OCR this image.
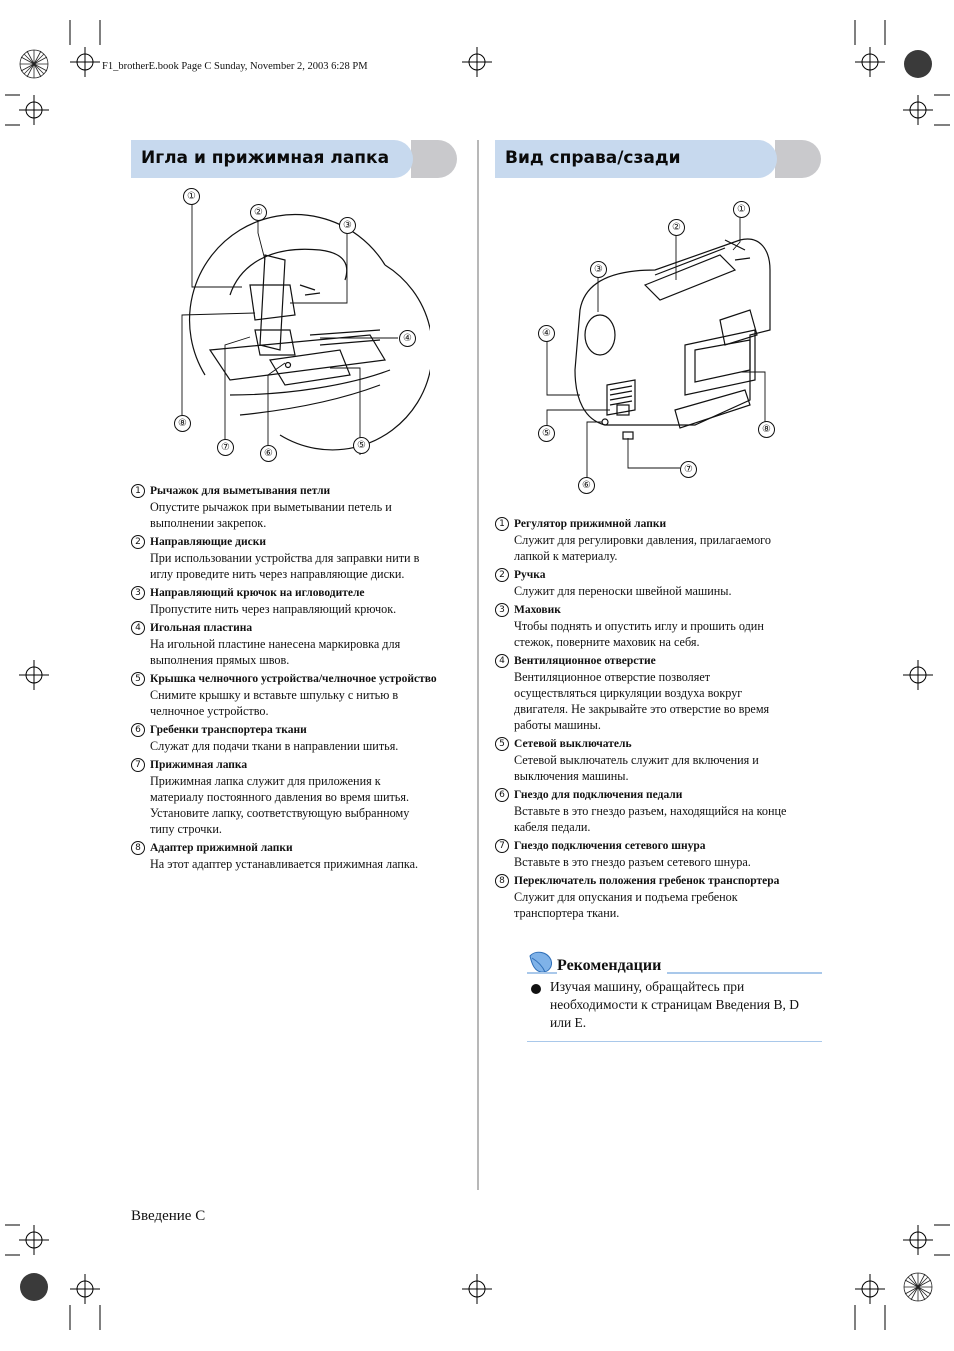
F1_brotherE.book Page C Sunday, November 2, 2003 6:28 PM
Игла и прижимная лапка	Вид справа/сзади
①
②
③
④
⑤
⑥
⑦
⑧
①
②
③
④
⑤
⑥
⑦
⑧
1 Рычажок для выметывания петли
Опустите рычажок при выметывании петель и
выполнении закрепок.
2 Направляющие диски
При использовании устройства для заправки нити в
иглу проведите нить через направляющие диски.
3 Направляющий крючок на игловодителе
Пропустите нить через направляющий крючок.
4 Игольная пластина
На игольной пластине нанесена маркировка для
выполнения прямых швов.
5 Крышка челночного устройства/челночное устройство
Снимите крышку и вставьте шпульку с нитью в
челночное устройство.
6 Гребенки транспортера ткани
Служат для подачи ткани в направлении шитья.
7 Прижимная лапка
Прижимная лапка служит для приложения к
материалу постоянного давления во время шитья.
Установите лапку, соответствующую выбранному
типу строчки.
8 Адаптер прижимной лапки
На этот адаптер устанавливается прижимная лапка.
1 Регулятор прижимной лапки
Служит для регулировки давления, прилагаемого
лапкой к материалу.
2 Ручка
Служит для переноски швейной машины.
3 Маховик
Чтобы поднять и опустить иглу и прошить один
стежок, поверните маховик на себя.
4 Вентиляционное отверстие
Вентиляционное отверстие позволяет
осуществляться циркуляции воздуха вокруг
двигателя. Не закрывайте это отверстие во время
работы машины.
5 Сетевой выключатель
Сетевой выключатель служит для включения и
выключения машины.
6 Гнездо для подключения педали
Вставьте в это гнездо разъем, находящийся на конце
кабеля педали.
7 Гнездо подключения сетевого шнура
Вставьте в это гнездо разъем сетевого шнура.
8 Переключатель положения гребенок транспортера
Служит для опускания и подъема гребенок
транспортера ткани.
Рекомендации
Изучая машину, обращайтесь при необходимости к страницам Введения B, D или E.
Введение C
